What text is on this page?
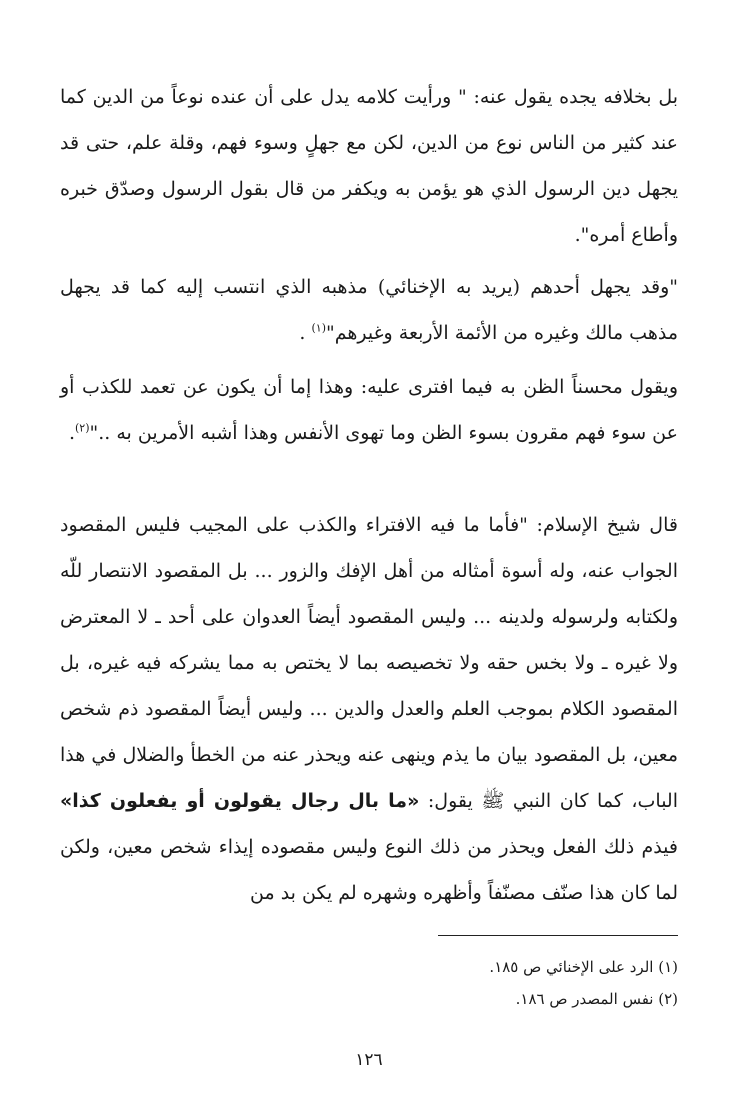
بل بخلافه يجده يقول عنه: " ورأيت كلامه يدل على أن عنده نوعاً من الدين كما عند كثير من الناس نوع من الدين، لكن مع جهلٍ وسوء فهم، وقلة علم، حتى قد يجهل دين الرسول الذي هو يؤمن به ويكفر من قال بقول الرسول وصدّق خبره وأطاع أمره".

"وقد يجهل أحدهم (يريد به الإخنائي) مذهبه الذي انتسب إليه كما قد يجهل مذهب مالك وغيره من الأئمة الأربعة وغيرهم"$^{(١)}$ .

ويقول محسناً الظن به فيما افترى عليه: وهذا إما أن يكون عن تعمد للكذب أو عن سوء فهم مقرون بسوء الظن وما تهوى الأنفس وهذا أشبه الأمرين به .."$^{(٢)}$.

قال شيخ الإسلام: "فأما ما فيه الافتراء والكذب على المجيب فليس المقصود الجواب عنه، وله أسوة أمثاله من أهل الإفك والزور ... بل المقصود الانتصار للّه ولكتابه ولرسوله ولدينه ... وليس المقصود أيضاً العدوان على أحد ـ لا المعترض ولا غيره ـ ولا بخس حقه ولا تخصيصه بما لا يختص به مما يشركه فيه غيره، بل المقصود الكلام بموجب العلم والعدل والدين ... وليس أيضاً المقصود ذم شخص معين، بل المقصود بيان ما يذم وينهى عنه ويحذر عنه من الخطأ والضلال في هذا الباب، كما كان النبي ﷺ يقول: «ما بال رجال يقولون أو يفعلون كذا» فيذم ذلك الفعل ويحذر من ذلك النوع وليس مقصوده إيذاء شخص معين، ولكن لما كان هذا صنّف مصنّفاً وأظهره وشهره لم يكن بد من

(١) الرد على الإخنائي ص ١٨٥.

(٢) نفس المصدر ص ١٨٦.

١٢٦
